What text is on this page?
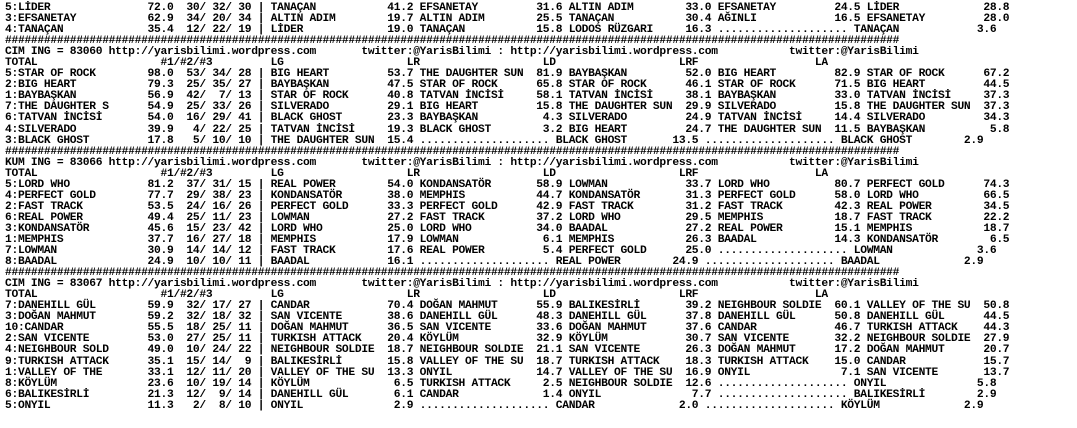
5:LİDER               72.0  30/ 32/ 30 | TANAÇAN           41.2 EFSANETAY         31.6 ALTIN ADIM        33.0 EFSANETAY         24.5 LİDER             28.8
3:EFSANETAY           62.9  34/ 20/ 34 | ALTIN ADIM        19.7 ALTIN ADIM        25.5 TANAÇAN           30.4 AĞINLI            16.5 EFSANETAY         28.0
4:TANAÇAN             35.4  12/ 22/ 19 | LİDER             19.0 TANAÇAN           15.8 LODOS RÜZGARI     16.3 .................... TANAÇAN            3.6
##########################################################################################################################################
CIM ING = 83060 http://yarisbilimi.wordpress.com       twitter:@YarisBilimi : http://yarisbilimi.wordpress.com           twitter:@YarisBilimi
TOTAL                   #1/#2/#3         LG                   LR                   LD                   LRF                  LA
5:STAR OF ROCK        98.0  53/ 34/ 28 | BIG HEART         53.7 THE DAUGHTER SUN  81.9 BAYBAŞKAN         52.0 BIG HEART         82.9 STAR OF ROCK      67.2
2:BIG HEART           79.3  25/ 35/ 27 | BAYBAŞKAN         47.5 STAR OF ROCK      65.8 STAR OF ROCK      46.1 STAR OF ROCK      71.5 BIG HEART         44.5
1:BAYBAŞKAN           56.9  42/  7/ 13 | STAR OF ROCK      40.8 TATVAN İNCİSİ     58.1 TATVAN İNCİSİ     38.1 BAYBAŞKAN         33.0 TATVAN İNCİSİ     37.3
7:THE DAUGHTER S      54.9  25/ 33/ 26 | SILVERADO         29.1 BIG HEART         15.8 THE DAUGHTER SUN  29.9 SILVERADO         15.8 THE DAUGHTER SUN  37.3
6:TATVAN İNCİSİ       54.0  16/ 29/ 41 | BLACK GHOST       23.3 BAYBAŞKAN          4.3 SILVERADO         24.9 TATVAN İNCİSİ     14.4 SILVERADO         34.3
4:SILVERADO           39.9   4/ 22/ 25 | TATVAN İNCİSİ     19.3 BLACK GHOST        3.2 BIG HEART         24.7 THE DAUGHTER SUN  11.5 BAYBAŞKAN          5.8
3:BLACK GHOST         17.8   5/ 10/ 10 | THE DAUGHTER SUN  15.4 .................... BLACK GHOST       13.5 .................... BLACK GHOST        2.9
##########################################################################################################################################
KUM ING = 83066 http://yarisbilimi.wordpress.com       twitter:@YarisBilimi : http://yarisbilimi.wordpress.com           twitter:@YarisBilimi
TOTAL                   #1/#2/#3         LG                   LR                   LD                   LRF                  LA
5:LORD WHO            81.2  37/ 31/ 15 | REAL POWER        54.0 KONDANSATÖR       58.9 LOWMAN            33.7 LORD WHO          80.7 PERFECT GOLD      74.3
4:PERFECT GOLD        77.7  29/ 38/ 23 | KONDANSATÖR       38.0 MEMPHIS           44.7 KONDANSATÖR       31.3 PERFECT GOLD      58.0 LORD WHO          66.5
2:FAST TRACK          53.5  24/ 16/ 26 | PERFECT GOLD      33.3 PERFECT GOLD      42.9 FAST TRACK        31.2 FAST TRACK        42.3 REAL POWER        34.5
6:REAL POWER          49.4  25/ 11/ 23 | LOWMAN            27.2 FAST TRACK        37.2 LORD WHO          29.5 MEMPHIS           18.7 FAST TRACK        22.2
3:KONDANSATÖR         45.6  15/ 23/ 42 | LORD WHO          25.0 LORD WHO          34.0 BAADAL            27.2 REAL POWER        15.1 MEMPHIS           18.7
1:MEMPHIS             37.7  16/ 27/ 18 | MEMPHIS           17.9 LOWMAN             6.1 MEMPHIS           26.3 BAADAL            14.3 KONDANSATÖR        6.5
7:LOWMAN              30.9  14/ 14/ 12 | FAST TRACK        17.6 REAL POWER         5.4 PERFECT GOLD      25.0 .................... LOWMAN             3.6
8:BAADAL              24.9  10/ 10/ 11 | BAADAL            16.1 .................... REAL POWER        24.9 .................... BAADAL             2.9
##########################################################################################################################################
CIM ING = 83067 http://yarisbilimi.wordpress.com       twitter:@YarisBilimi : http://yarisbilimi.wordpress.com           twitter:@YarisBilimi
TOTAL                   #1/#2/#3         LG                   LR                   LD                   LRF                  LA
7:DANEHILL GÜL        59.9  32/ 17/ 27 | CANDAR            70.4 DOĞAN MAHMUT      55.9 BALIKESİRLİ       39.2 NEIGHBOUR SOLDIE  60.1 VALLEY OF THE SU  50.8
3:DOĞAN MAHMUT        59.2  32/ 18/ 32 | SAN VICENTE       38.6 DANEHILL GÜL      48.3 DANEHILL GÜL      37.8 DANEHILL GÜL      50.8 DANEHILL GÜL      44.5
10:CANDAR             55.5  18/ 25/ 11 | DOĞAN MAHMUT      36.5 SAN VICENTE       33.6 DOĞAN MAHMUT      37.6 CANDAR            46.7 TURKISH ATTACK    44.3
2:SAN VICENTE         53.0  27/ 25/ 11 | TURKISH ATTACK    20.4 KÖYLÜM            32.9 KÖYLÜM            30.7 SAN VICENTE       32.2 NEIGHBOUR SOLDIE  27.9
4:NEIGHBOUR SOLD      49.0  10/ 24/ 22 | NEIGHBOUR SOLDIE  18.7 NEIGHBOUR SOLDIE  21.1 SAN VICENTE       26.3 DOĞAN MAHMUT      17.2 DOĞAN MAHMUT      20.7
9:TURKISH ATTACK      35.1  15/ 14/  9 | BALIKESİRLİ       15.8 VALLEY OF THE SU  18.7 TURKISH ATTACK    18.3 TURKISH ATTACK    15.0 CANDAR            15.7
1:VALLEY OF THE       33.1  12/ 11/ 20 | VALLEY OF THE SU  13.3 ONYIL             14.7 VALLEY OF THE SU  16.9 ONYIL              7.1 SAN VICENTE       13.7
8:KÖYLÜM              23.6  10/ 19/ 14 | KÖYLÜM             6.5 TURKISH ATTACK     2.5 NEIGHBOUR SOLDIE  12.6 .................... ONYIL              5.8
6:BALIKESİRLİ         21.3  12/  9/ 14 | DANEHILL GÜL       6.1 CANDAR             1.4 ONYIL              7.7 .................... BALIKESİRLİ        2.9
5:ONYIL               11.3   2/  8/ 10 | ONYIL              2.9 .................... CANDAR             2.0 .................... KÖYLÜM             2.9
